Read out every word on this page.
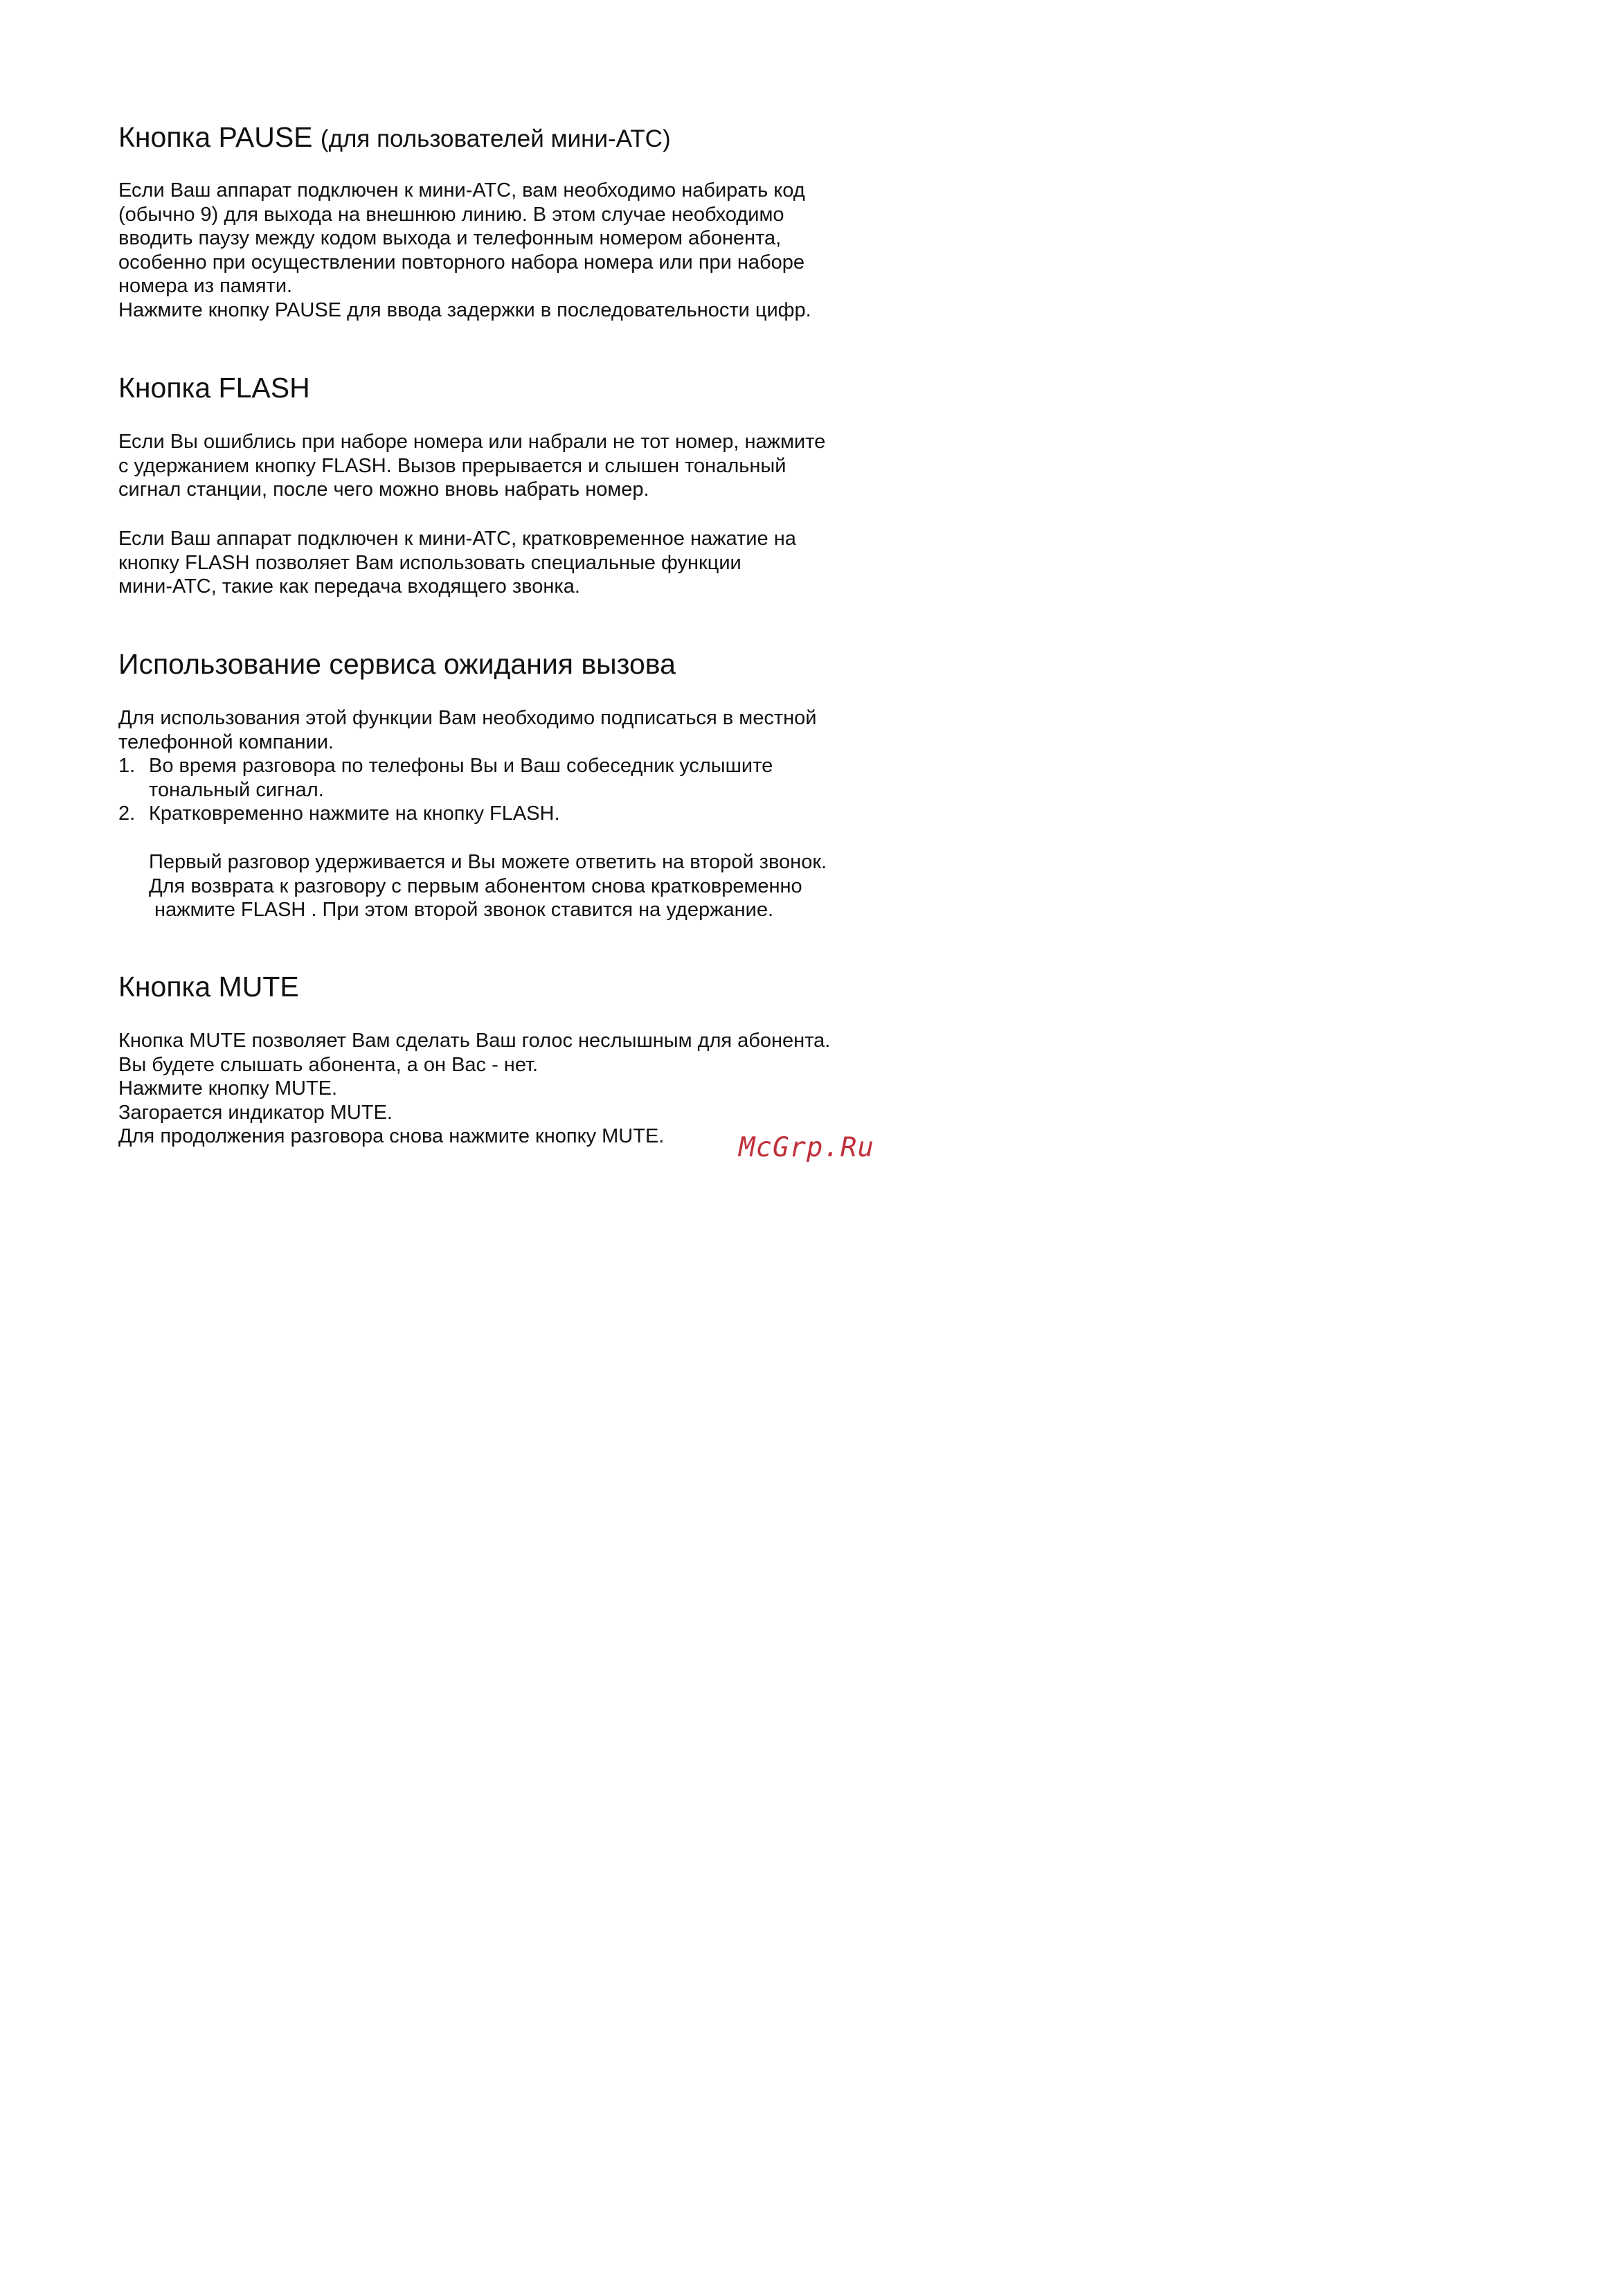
Кнопка PAUSE (для пользователей мини-АТС)

Если Ваш аппарат подключен к мини-АТС, вам необходимо набирать код
(обычно 9) для выхода на внешнюю линию. В этом случае необходимо
вводить паузу между кодом выхода и телефонным номером абонента,
особенно при осуществлении повторного набора номера или при наборе
номера из памяти.
Нажмите кнопку PAUSE для ввода задержки в последовательности цифр.

Кнопка FLASH

Если Вы ошиблись при наборе номера или набрали не тот номер, нажмите
с удержанием кнопку FLASH. Вызов прерывается и слышен тональный
сигнал станции, после чего можно вновь набрать номер.

Если Ваш аппарат подключен к мини-АТС, кратковременное нажатие на
кнопку FLASH позволяет Вам использовать специальные функции
мини-АТС, такие как передача входящего звонка.

Использование сервиса ожидания вызова

Для использования этой функции Вам необходимо подписаться в местной
телефонной компании.

1. Во время разговора по телефоны Вы и Ваш собеседник услышите
тональный сигнал.
2. Кратковременно нажмите на кнопку FLASH.

Первый разговор удерживается и Вы можете ответить на второй звонок.
Для возврата к разговору с первым абонентом снова кратковременно
нажмите FLASH . При этом второй звонок ставится на удержание.

Кнопка MUTE

Кнопка MUTE позволяет Вам сделать Ваш голос неслышным для абонента.
Вы будете слышать абонента, а он Вас - нет.
Нажмите кнопку MUTE.
Загорается индикатор MUTE.
Для продолжения разговора снова нажмите кнопку MUTE.	McGrp.Ru
